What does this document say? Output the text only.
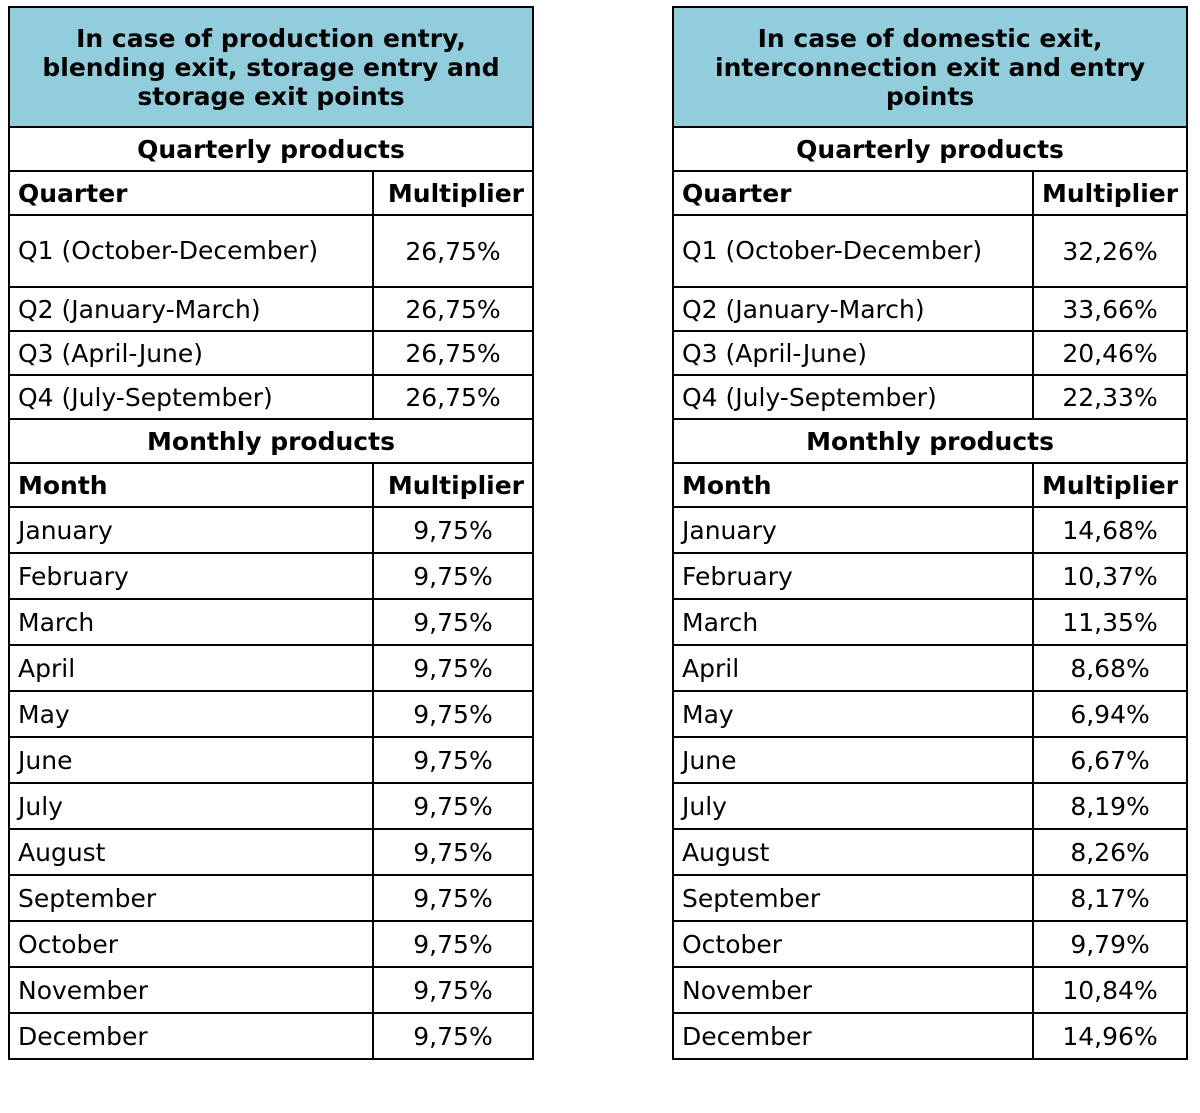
In case of production entry, blending exit, storage entry and storage exit points	
Quarterly products	
Quarter	Multiplier
Q1 (October-December)	26,75%
Q2 (January-March)	26,75%
Q3 (April-June)	26,75%
Q4 (July-September)	26,75%
Monthly products	
Month	Multiplier
January	9,75%
February	9,75%
March	9,75%
April	9,75%
May	9,75%
June	9,75%
July	9,75%
August	9,75%
September	9,75%
October	9,75%
November	9,75%
December	9,75%
In case of domestic exit, interconnection exit and entry points	
Quarterly products	
Quarter	Multiplier
Q1 (October-December)	32,26%
Q2 (January-March)	33,66%
Q3 (April-June)	20,46%
Q4 (July-September)	22,33%
Monthly products	
Month	Multiplier
January	14,68%
February	10,37%
March	11,35%
April	8,68%
May	6,94%
June	6,67%
July	8,19%
August	8,26%
September	8,17%
October	9,79%
November	10,84%
December	14,96%
